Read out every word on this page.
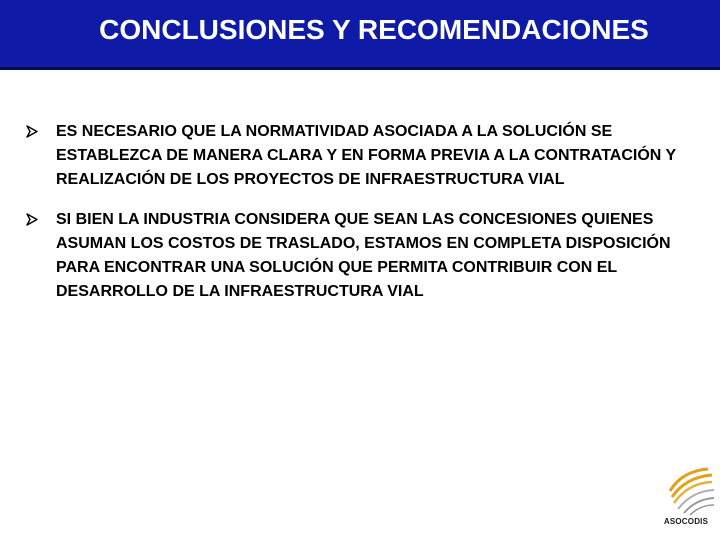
CONCLUSIONES Y RECOMENDACIONES
ES NECESARIO QUE LA NORMATIVIDAD ASOCIADA A LA SOLUCIÓN SE ESTABLEZCA DE MANERA CLARA Y EN FORMA PREVIA A LA CONTRATACIÓN Y REALIZACIÓN DE LOS PROYECTOS DE INFRAESTRUCTURA VIAL
SI BIEN LA INDUSTRIA CONSIDERA QUE SEAN LAS CONCESIONES QUIENES ASUMAN LOS COSTOS DE TRASLADO, ESTAMOS EN COMPLETA DISPOSICIÓN PARA ENCONTRAR UNA SOLUCIÓN QUE PERMITA CONTRIBUIR CON EL DESARROLLO DE LA INFRAESTRUCTURA VIAL
ASOCODIS
